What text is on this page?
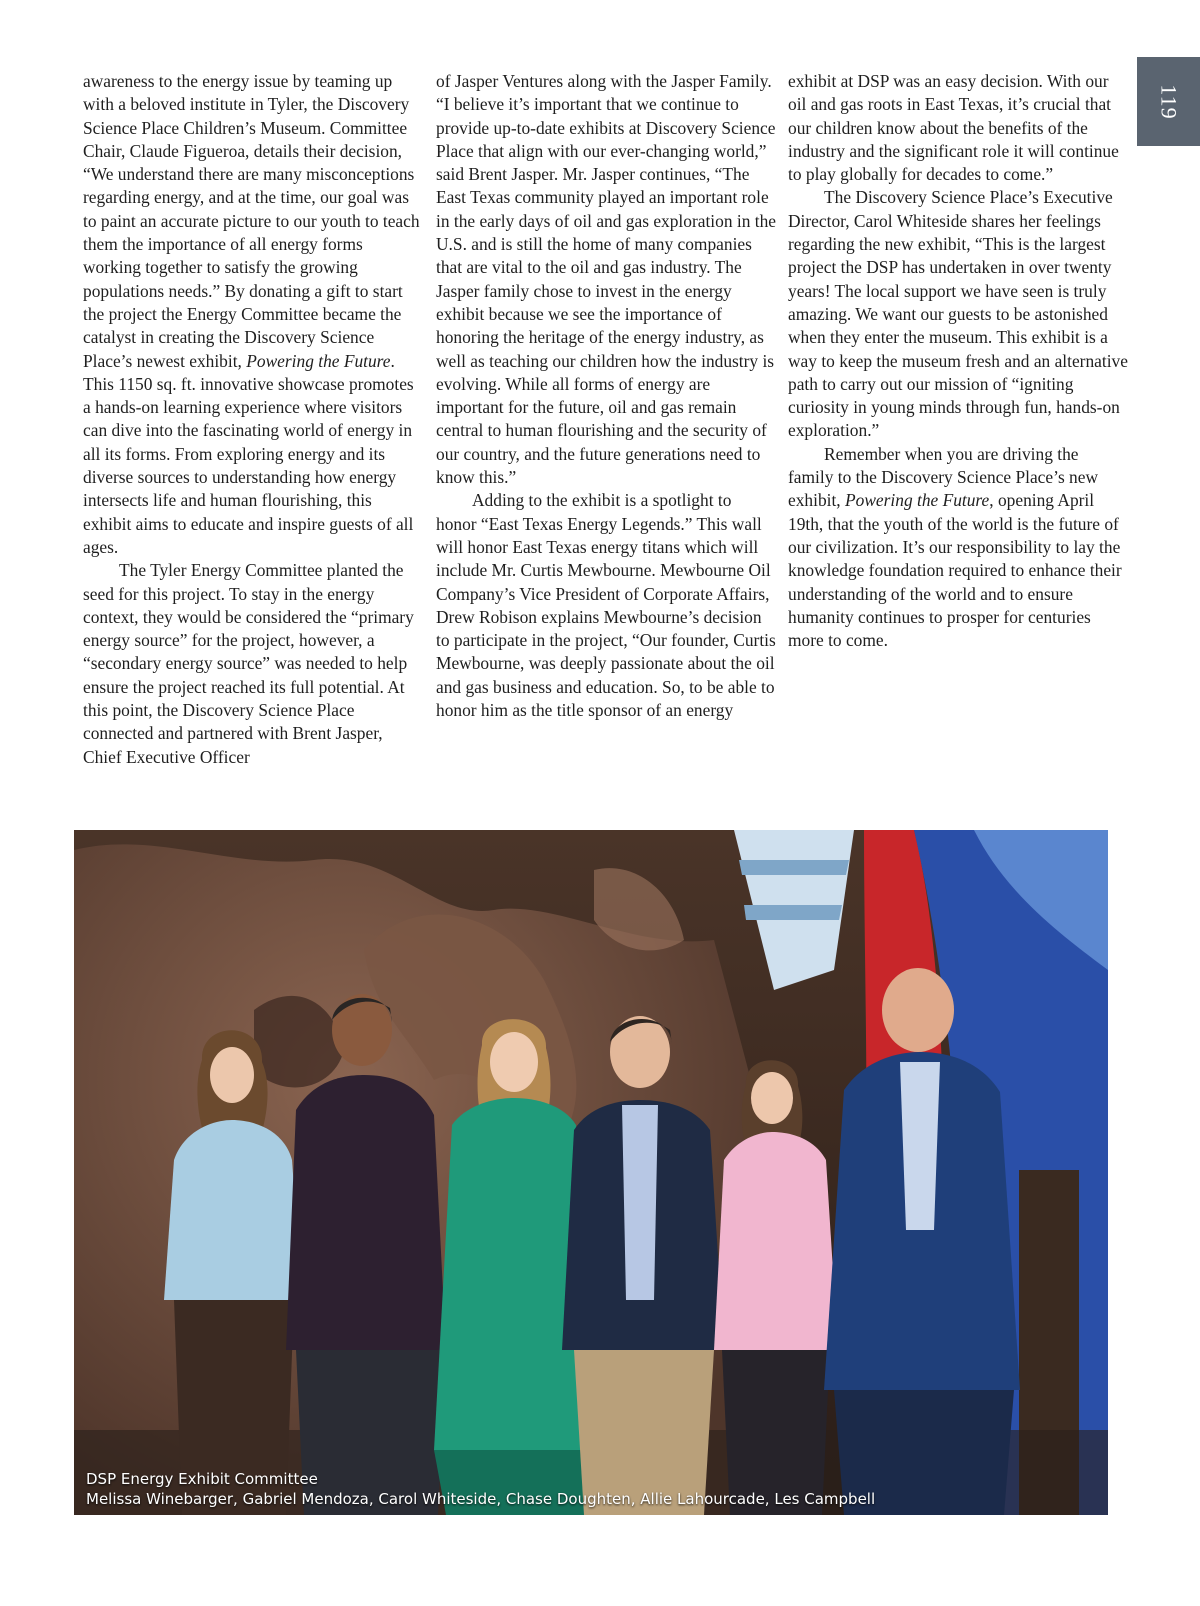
119

awareness to the energy issue by teaming up with a beloved institute in Tyler, the Discovery Science Place Children’s Museum. Committee Chair, Claude Figueroa, details their decision, “We understand there are many misconceptions regarding energy, and at the time, our goal was to paint an accurate picture to our youth to teach them the importance of all energy forms working together to satisfy the growing populations needs.” By donating a gift to start the project the Energy Committee became the catalyst in creating the Discovery Science Place’s newest exhibit, Powering the Future. This 1150 sq. ft. innovative showcase promotes a hands-on learning experience where visitors can dive into the fascinating world of energy in all its forms. From exploring energy and its diverse sources to understanding how energy intersects life and human flourishing, this exhibit aims to educate and inspire guests of all ages.

The Tyler Energy Committee planted the seed for this project. To stay in the energy context, they would be considered the “primary energy source” for the project, however, a “secondary energy source” was needed to help ensure the project reached its full potential. At this point, the Discovery Science Place connected and partnered with Brent Jasper, Chief Executive Officer

of Jasper Ventures along with the Jasper Family. “I believe it’s important that we continue to provide up-to-date exhibits at Discovery Science Place that align with our ever-changing world,” said Brent Jasper. Mr. Jasper continues, “The East Texas community played an important role in the early days of oil and gas exploration in the U.S. and is still the home of many companies that are vital to the oil and gas industry. The Jasper family chose to invest in the energy exhibit because we see the importance of honoring the heritage of the energy industry, as well as teaching our children how the industry is evolving. While all forms of energy are important for the future, oil and gas remain central to human flourishing and the security of our country, and the future generations need to know this.”

Adding to the exhibit is a spotlight to honor “East Texas Energy Legends.” This wall will honor East Texas energy titans which will include Mr. Curtis Mewbourne. Mewbourne Oil Company’s Vice President of Corporate Affairs, Drew Robison explains Mewbourne’s decision to participate in the project, “Our founder, Curtis Mewbourne, was deeply passionate about the oil and gas business and education. So, to be able to honor him as the title sponsor of an energy

exhibit at DSP was an easy decision. With our oil and gas roots in East Texas, it’s crucial that our children know about the benefits of the industry and the significant role it will continue to play globally for decades to come.”

The Discovery Science Place’s Executive Director, Carol Whiteside shares her feelings regarding the new exhibit, “This is the largest project the DSP has undertaken in over twenty years! The local support we have seen is truly amazing. We want our guests to be astonished when they enter the museum. This exhibit is a way to keep the museum fresh and an alternative path to carry out our mission of “igniting curiosity in young minds through fun, hands-on exploration.”

Remember when you are driving the family to the Discovery Science Place’s new exhibit, Powering the Future, opening April 19th, that the youth of the world is the future of our civilization. It’s our responsibility to lay the knowledge foundation required to enhance their understanding of the world and to ensure humanity continues to prosper for centuries more to come.

DSP Energy Exhibit Committee
Melissa Winebarger, Gabriel Mendoza, Carol Whiteside, Chase Doughten, Allie Lahourcade, Les Campbell
